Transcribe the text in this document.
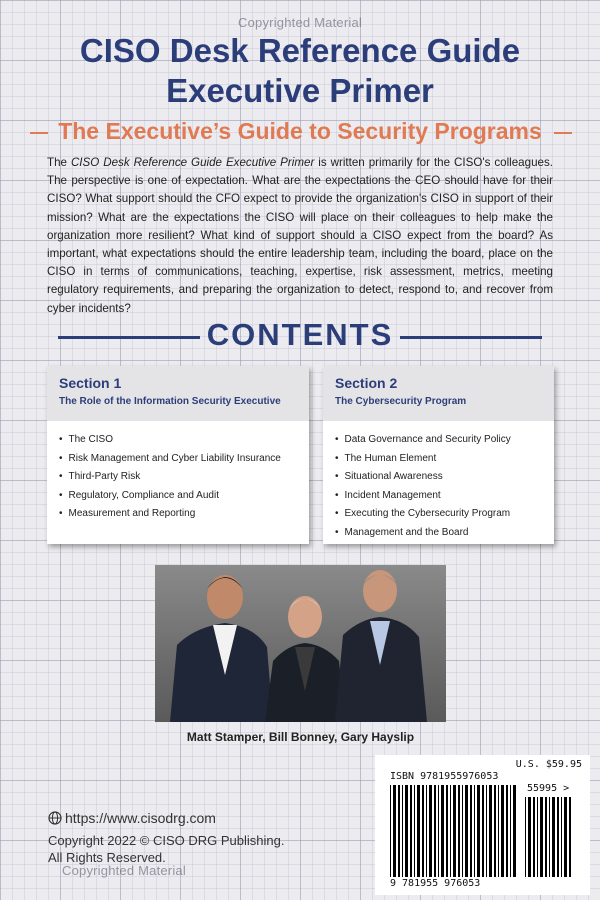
Copyrighted Material
CISO Desk Reference Guide
Executive Primer
The Executive’s Guide to Security Programs
The CISO Desk Reference Guide Executive Primer is written primarily for the CISO's colleagues. The perspective is one of expectation. What are the expectations the CEO should have for their CISO? What support should the CFO expect to provide the organization's CISO in support of their mission? What are the expectations the CISO will place on their colleagues to help make the organization more resilient? What kind of support should a CISO expect from the board? As important, what expectations should the entire leadership team, including the board, place on the CISO in terms of communications, teaching, expertise, risk assessment, metrics, meeting regulatory requirements, and preparing the organization to detect, respond to, and recover from cyber incidents?
CONTENTS
Section 1
The Role of the Information Security Executive
• The CISO
• Risk Management and Cyber Liability Insurance
• Third-Party Risk
• Regulatory, Compliance and Audit
• Measurement and Reporting
Section 2
The Cybersecurity Program
• Data Governance and Security Policy
• The Human Element
• Situational Awareness
• Incident Management
• Executing the Cybersecurity Program
• Management and the Board
Matt Stamper, Bill Bonney, Gary Hayslip
https://www.cisodrg.com
Copyright 2022 © CISO DRG Publishing.
All Rights Reserved.
Copyrighted Material
U.S. $59.95
ISBN 9781955976053
55995 >
9 781955 976053
